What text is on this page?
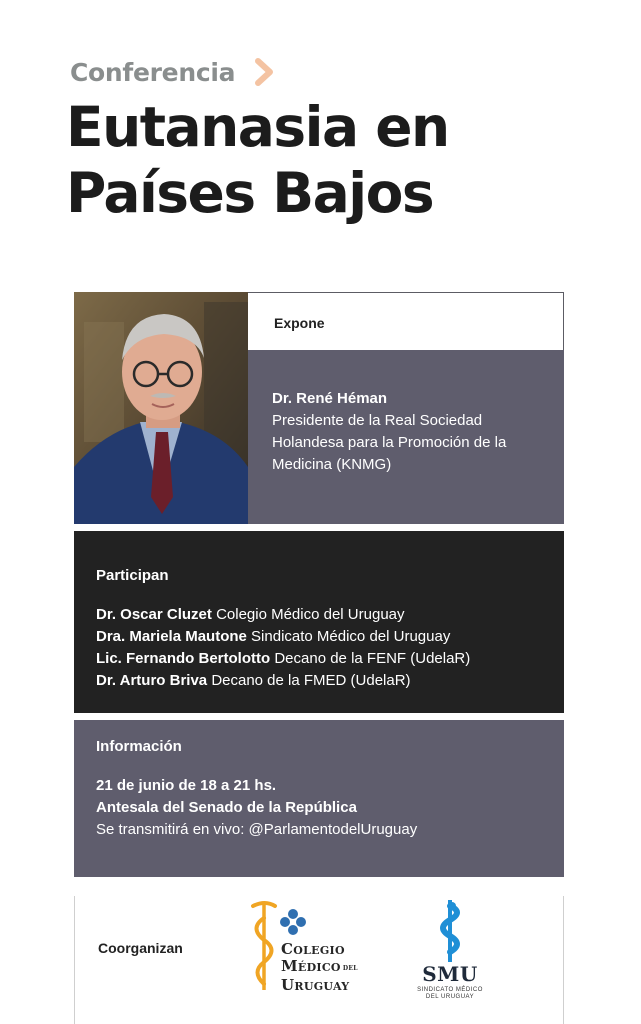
Conferencia
Eutanasia en Países Bajos
Expone
Dr. René Héman
Presidente de la Real Sociedad Holandesa para la Promoción de la Medicina (KNMG)
Participan
Dr. Oscar Cluzet Colegio Médico del Uruguay
Dra. Mariela Mautone Sindicato Médico del Uruguay
Lic. Fernando Bertolotto Decano de la FENF (UdelaR)
Dr. Arturo Briva Decano de la FMED (UdelaR)
Información
21 de junio de 18 a 21 hs.
Antesala del Senado de la República
Se transmitirá en vivo: @ParlamentodelUruguay
Coorganizan	Colegio
Médico DEL
Uruguay	SMU
SINDICATO MÉDICO
DEL URUGUAY
